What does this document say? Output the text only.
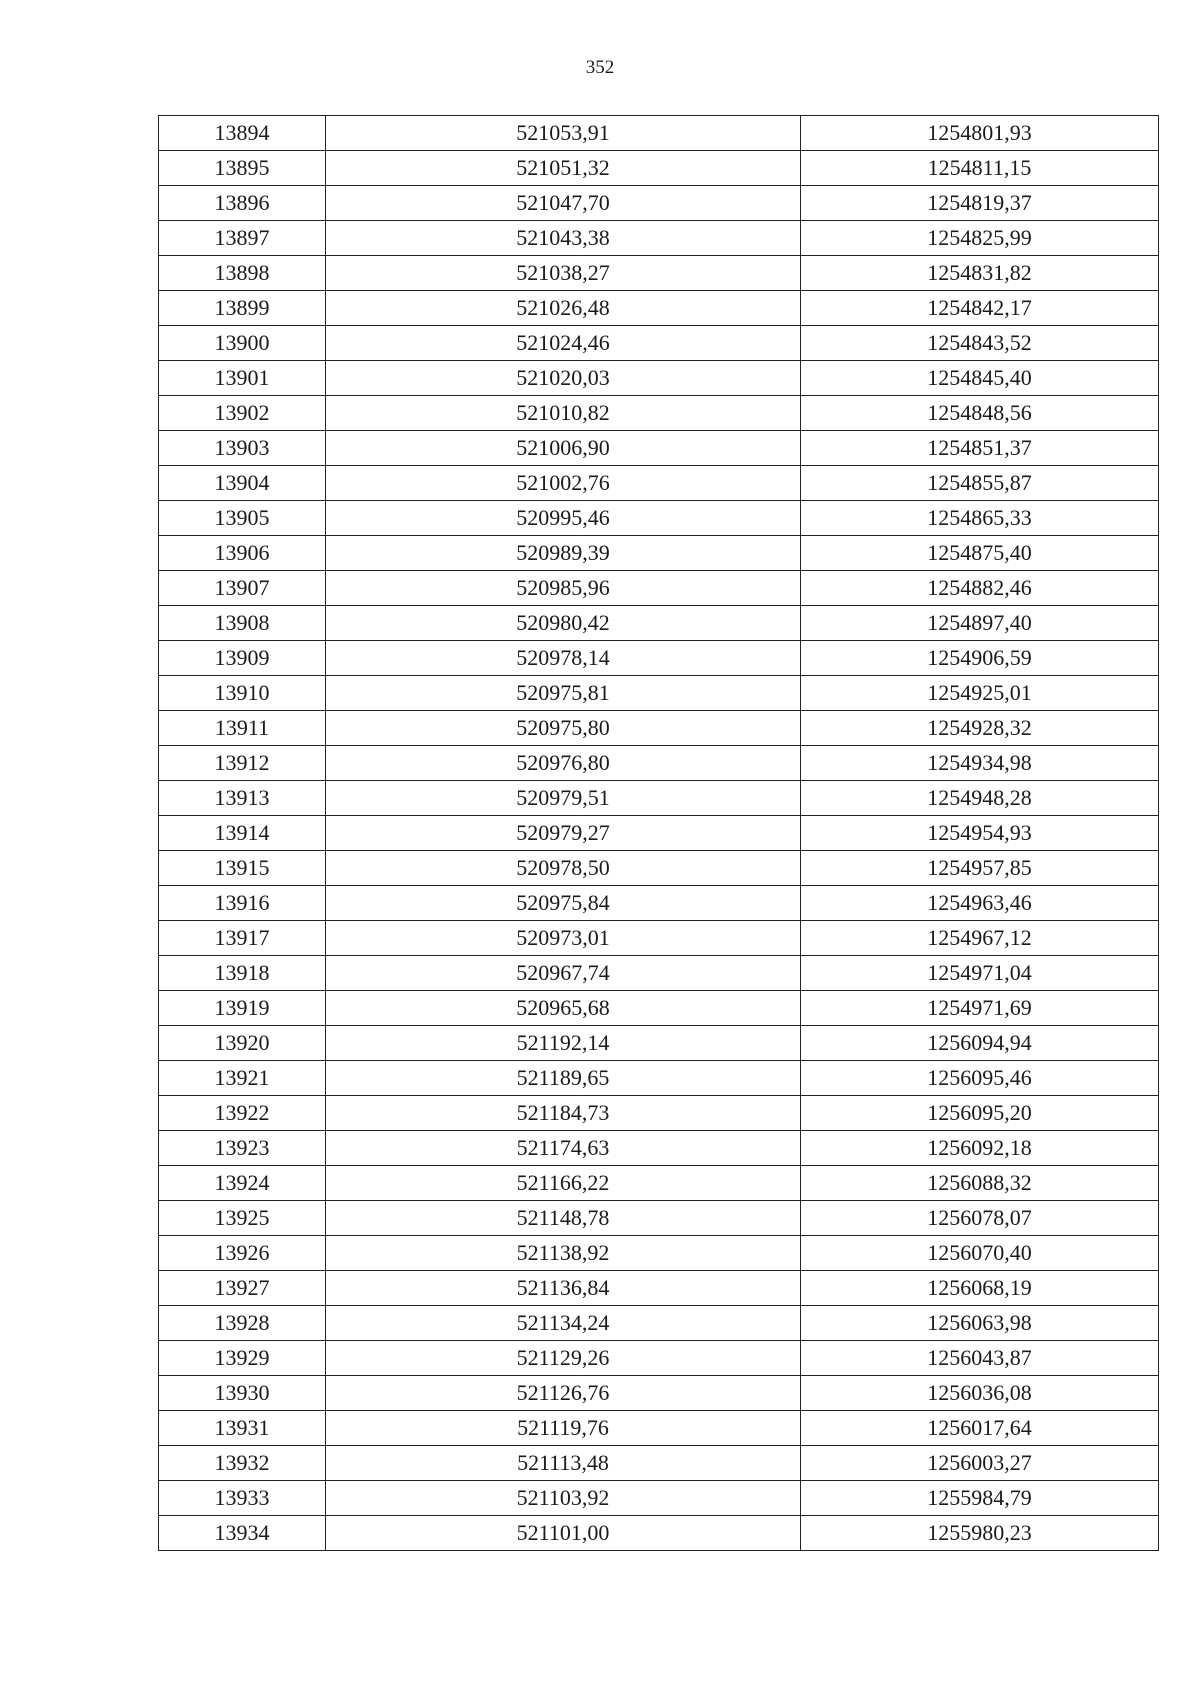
352
13894	521053,91	1254801,93
13895	521051,32	1254811,15
13896	521047,70	1254819,37
13897	521043,38	1254825,99
13898	521038,27	1254831,82
13899	521026,48	1254842,17
13900	521024,46	1254843,52
13901	521020,03	1254845,40
13902	521010,82	1254848,56
13903	521006,90	1254851,37
13904	521002,76	1254855,87
13905	520995,46	1254865,33
13906	520989,39	1254875,40
13907	520985,96	1254882,46
13908	520980,42	1254897,40
13909	520978,14	1254906,59
13910	520975,81	1254925,01
13911	520975,80	1254928,32
13912	520976,80	1254934,98
13913	520979,51	1254948,28
13914	520979,27	1254954,93
13915	520978,50	1254957,85
13916	520975,84	1254963,46
13917	520973,01	1254967,12
13918	520967,74	1254971,04
13919	520965,68	1254971,69
13920	521192,14	1256094,94
13921	521189,65	1256095,46
13922	521184,73	1256095,20
13923	521174,63	1256092,18
13924	521166,22	1256088,32
13925	521148,78	1256078,07
13926	521138,92	1256070,40
13927	521136,84	1256068,19
13928	521134,24	1256063,98
13929	521129,26	1256043,87
13930	521126,76	1256036,08
13931	521119,76	1256017,64
13932	521113,48	1256003,27
13933	521103,92	1255984,79
13934	521101,00	1255980,23
